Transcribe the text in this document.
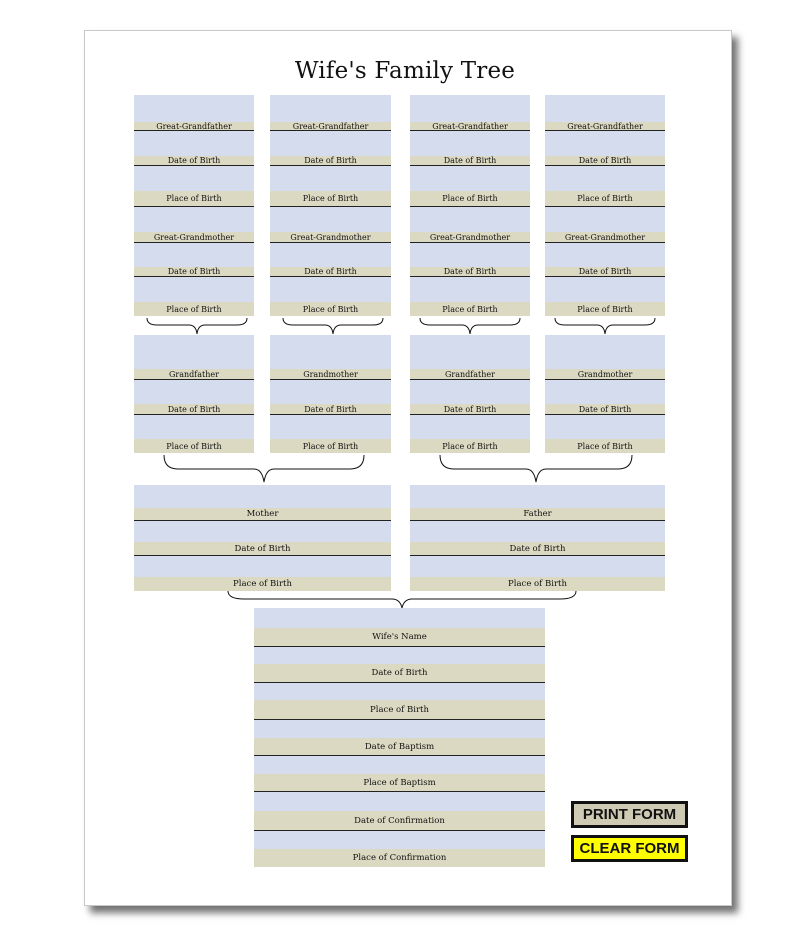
Wife's Family Tree
Great-Grandfather
Date of Birth
Place of Birth
Great-Grandmother
Date of Birth
Place of Birth
Great-Grandfather
Date of Birth
Place of Birth
Great-Grandmother
Date of Birth
Place of Birth
Great-Grandfather
Date of Birth
Place of Birth
Great-Grandmother
Date of Birth
Place of Birth
Great-Grandfather
Date of Birth
Place of Birth
Great-Grandmother
Date of Birth
Place of Birth
Grandfather
Date of Birth
Place of Birth
Grandmother
Date of Birth
Place of Birth
Grandfather
Date of Birth
Place of Birth
Grandmother
Date of Birth
Place of Birth
Mother
Date of Birth
Place of Birth
Father
Date of Birth
Place of Birth
Wife's Name
Date of Birth
Place of Birth
Date of Baptism
Place of Baptism
Date of Confirmation
Place of Confirmation
PRINT FORM
CLEAR FORM
